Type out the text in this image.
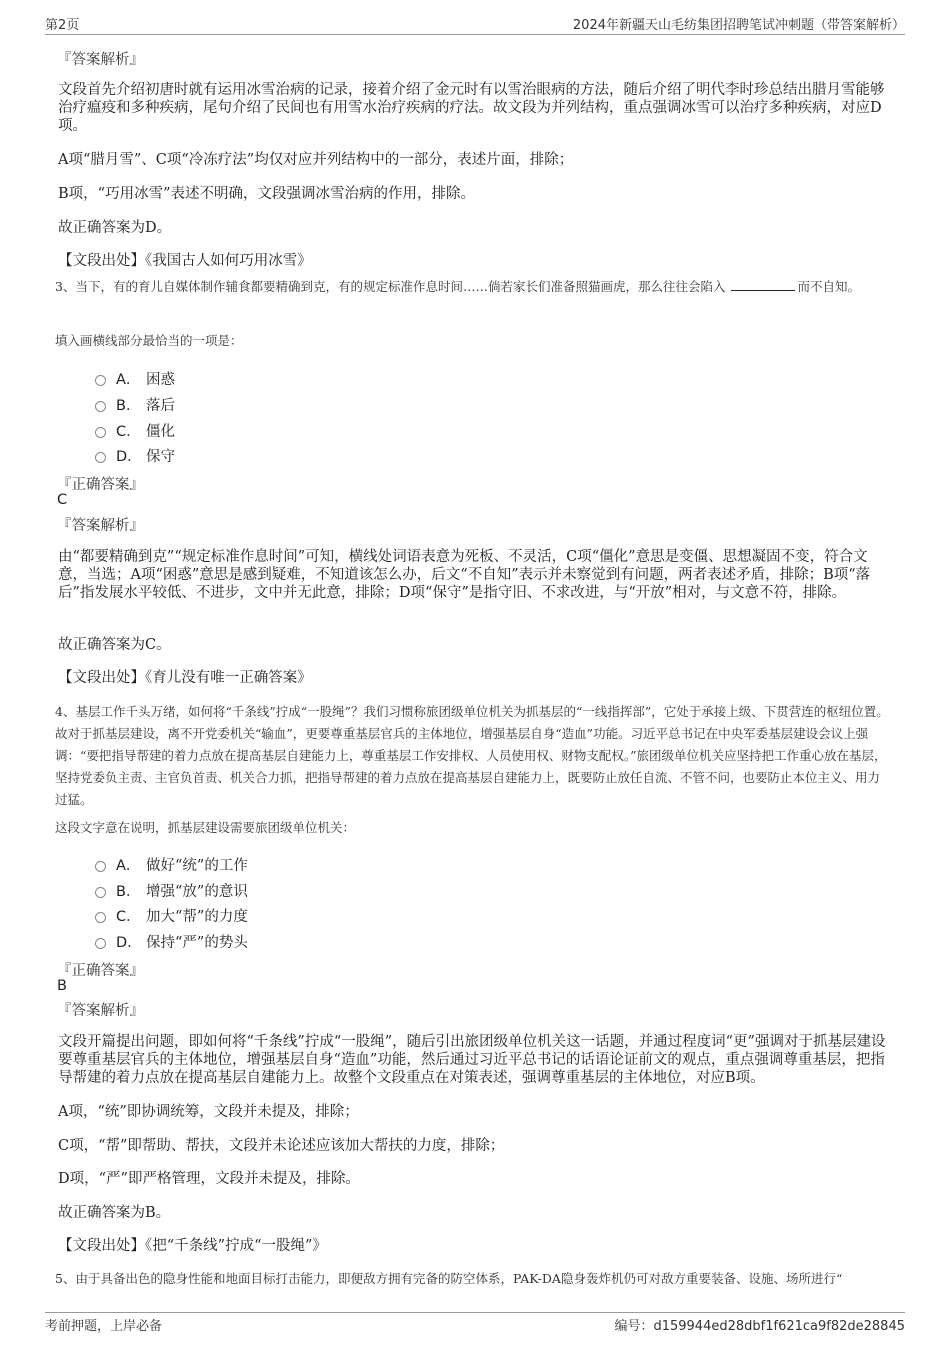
第2页	2024年新疆天山毛纺集团招聘笔试冲刺题（带答案解析）
『答案解析』
文段首先介绍初唐时就有运用冰雪治病的记录，接着介绍了金元时有以雪治眼病的方法，随后介绍了明代李时珍总结出腊月雪能够治疗瘟疫和多种疾病，尾句介绍了民间也有用雪水治疗疾病的疗法。故文段为并列结构，重点强调冰雪可以治疗多种疾病，对应D项。
A项“腊月雪”、C项“冷冻疗法”均仅对应并列结构中的一部分，表述片面，排除；
B项，“巧用冰雪”表述不明确，文段强调冰雪治病的作用，排除。
故正确答案为D。
【文段出处】《我国古人如何巧用冰雪》
3、当下，有的育儿自媒体制作辅食都要精确到克，有的规定标准作息时间……倘若家长们准备照猫画虎，那么往往会陷入	而不自知。
填入画横线部分最恰当的一项是：
A． 困惑
B． 落后
C． 僵化
D． 保守
『正确答案』
C
『答案解析』
由“都要精确到克”“规定标准作息时间”可知，横线处词语表意为死板、不灵活，C项“僵化”意思是变僵、思想凝固不变，符合文意，当选；A项“困惑”意思是感到疑难，不知道该怎么办，后文“不自知”表示并未察觉到有问题，两者表述矛盾，排除；B项“落后”指发展水平较低、不进步，文中并无此意，排除；D项“保守”是指守旧、不求改进，与“开放”相对，与文意不符，排除。
故正确答案为C。
【文段出处】《育儿没有唯一正确答案》
4、基层工作千头万绪，如何将“千条线”拧成“一股绳”？我们习惯称旅团级单位机关为抓基层的“一线指挥部”，它处于承接上级、下贯营连的枢纽位置。故对于抓基层建设，离不开党委机关“输血”，更要尊重基层官兵的主体地位，增强基层自身“造血”功能。习近平总书记在中央军委基层建设会议上强调：“要把指导帮建的着力点放在提高基层自建能力上，尊重基层工作安排权、人员使用权、财物支配权。”旅团级单位机关应坚持把工作重心放在基层，坚持党委负主责、主官负首责、机关合力抓，把指导帮建的着力点放在提高基层自建能力上，既要防止放任自流、不管不问，也要防止本位主义、用力过猛。
这段文字意在说明，抓基层建设需要旅团级单位机关：
A． 做好“统”的工作
B． 增强“放”的意识
C． 加大“帮”的力度
D． 保持“严”的势头
『正确答案』
B
『答案解析』
文段开篇提出问题，即如何将“千条线”拧成“一股绳”，随后引出旅团级单位机关这一话题，并通过程度词“更”强调对于抓基层建设要尊重基层官兵的主体地位，增强基层自身“造血”功能，然后通过习近平总书记的话语论证前文的观点，重点强调尊重基层，把指导帮建的着力点放在提高基层自建能力上。故整个文段重点在对策表述，强调尊重基层的主体地位，对应B项。
A项，“统”即协调统筹，文段并未提及，排除；
C项，“帮”即帮助、帮扶，文段并未论述应该加大帮扶的力度，排除；
D项，“严”即严格管理，文段并未提及，排除。
故正确答案为B。
【文段出处】《把“千条线”拧成“一股绳”》
5、由于具备出色的隐身性能和地面目标打击能力，即便敌方拥有完备的防空体系，PAK-DA隐身轰炸机仍可对敌方重要装备、设施、场所进行“
考前押题，上岸必备	编号：d159944ed28dbf1f621ca9f82de28845
